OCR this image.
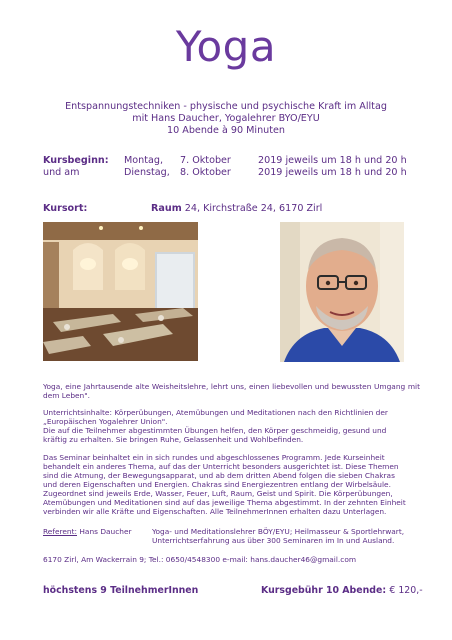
Yoga
Entspannungstechniken - physische und psychische Kraft im Alltag
mit Hans Daucher, Yogalehrer BYO/EYU
10 Abende à 90 Minuten
Kursbeginn: Montag, 7. Oktober	2019 jeweils um 18 h und 20 h
und am	Dienstag, 8. Oktober	2019 jeweils um 18 h und 20 h
Kursort:	Raum 24, Kirchstraße 24, 6170 Zirl
Yoga, eine Jahrtausende alte Weisheitslehre, lehrt uns, einen liebevollen und bewussten Umgang mit dem Leben".
Unterrichtsinhalte: Körperübungen, Atemübungen und Meditationen nach den Richtlinien der
„Europäischen Yogalehrer Union".
Die auf die Teilnehmer abgestimmten Übungen helfen, den Körper geschmeidig, gesund und
kräftig zu erhalten. Sie bringen Ruhe, Gelassenheit und Wohlbefinden.
Das Seminar beinhaltet ein in sich rundes und abgeschlossenes Programm. Jede Kurseinheit
behandelt ein anderes Thema, auf das der Unterricht besonders ausgerichtet ist. Diese Themen
sind die Atmung, der Bewegungsapparat, und ab dem dritten Abend folgen die sieben Chakras
und deren Eigenschaften und Energien. Chakras sind Energiezentren entlang der Wirbelsäule.
Zugeordnet sind jeweils Erde, Wasser, Feuer, Luft, Raum, Geist und Spirit. Die Körperübungen,
Atemübungen und Meditationen sind auf das jeweilige Thema abgestimmt. In der zehnten Einheit
verbinden wir alle Kräfte und Eigenschaften. Alle TeilnehmerInnen erhalten dazu Unterlagen.
Referent: Hans Daucher	Yoga- und Meditationslehrer BÖY/EYU; Heilmasseur & Sportlehrwart,
Unterrichtserfahrung aus über 300 Seminaren im In und Ausland.
6170 Zirl, Am Wackerrain 9; Tel.: 0650/4548300 e-mail: hans.daucher46@gmail.com
höchstens 9 TeilnehmerInnen	Kursgebühr 10 Abende: € 120,-
